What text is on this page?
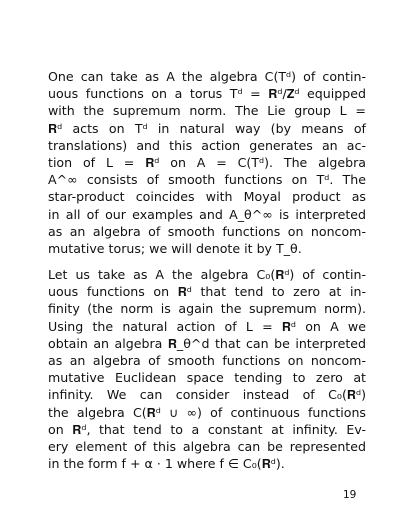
One can take as A the algebra C(Tᵈ) of contin-
uous functions on a torus Tᵈ = 𝐑ᵈ/𝐙ᵈ equipped
with the supremum norm. The Lie group L =
𝐑ᵈ acts on Tᵈ in natural way (by means of
translations) and this action generates an ac-
tion of L = 𝐑ᵈ on A = C(Tᵈ). The algebra
A^∞ consists of smooth functions on Tᵈ. The
star-product coincides with Moyal product as
in all of our examples and A_θ^∞ is interpreted
as an algebra of smooth functions on noncom-
mutative torus; we will denote it by T_θ.
Let us take as A the algebra C₀(𝐑ᵈ) of contin-
uous functions on 𝐑ᵈ that tend to zero at in-
finity (the norm is again the supremum norm).
Using the natural action of L = 𝐑ᵈ on A we
obtain an algebra 𝐑_θ^d that can be interpreted
as an algebra of smooth functions on noncom-
mutative Euclidean space tending to zero at
infinity. We can consider instead of C₀(𝐑ᵈ)
the algebra C(𝐑ᵈ ∪ ∞) of continuous functions
on 𝐑ᵈ, that tend to a constant at infinity. Ev-
ery element of this algebra can be represented
in the form f + α · 1 where f ∈ C₀(𝐑ᵈ).
19
